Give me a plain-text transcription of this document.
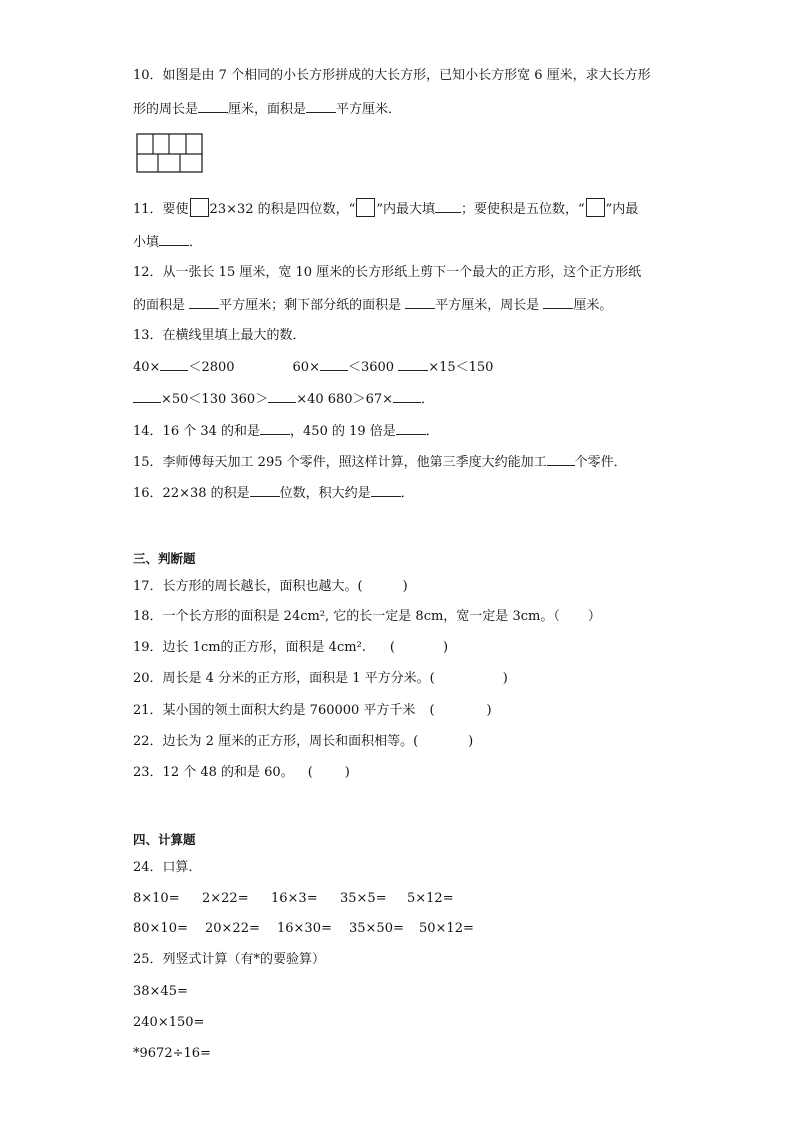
10．如图是由 7 个相同的小长方形拼成的大长方形，已知小长方形宽 6 厘米，求大长方形
形的周长是 厘米，面积是 平方厘米．
11．要使 23×32 的积是四位数，“ ”内最大填 ；要使积是五位数，“ ”内最
小填 ．
12．从一张长 15 厘米，宽 10 厘米的长方形纸上剪下一个最大的正方形，这个正方形纸
的面积是 平方厘米；剩下部分纸的面积是 平方厘米，周长是 厘米。
13．在横线里填上最大的数．
40× ＜2800	60× ＜3600 ×15＜150
×50＜130 360＞ ×40 680＞67× ．
14．16 个 34 的和是 ，450 的 19 倍是 ．
15．李师傅每天加工 295 个零件，照这样计算，他第三季度大约能加工 个零件．
16．22×38 的积是 位数，积大约是 ．
三、判断题
17．长方形的周长越长，面积也越大。(	)
18．一个长方形的面积是 24cm², 它的长一定是 8cm，宽一定是 3cm。（ ）
19．边长 1cm的正方形，面积是 4cm². (	)
20．周长是 4 分米的正方形，面积是 1 平方分米。(	)
21．某小国的领土面积大约是 760000 平方千米 (	)
22．边长为 2 厘米的正方形，周长和面积相等。(	)
23．12 个 48 的和是 60。 ( )
四、计算题
24．口算．
8×10= 2×22= 16×3= 35×5= 5×12=
80×10= 20×22= 16×30= 35×50= 50×12=
25．列竖式计算（有*的要验算）
38×45=
240×150=
*9672÷16=
